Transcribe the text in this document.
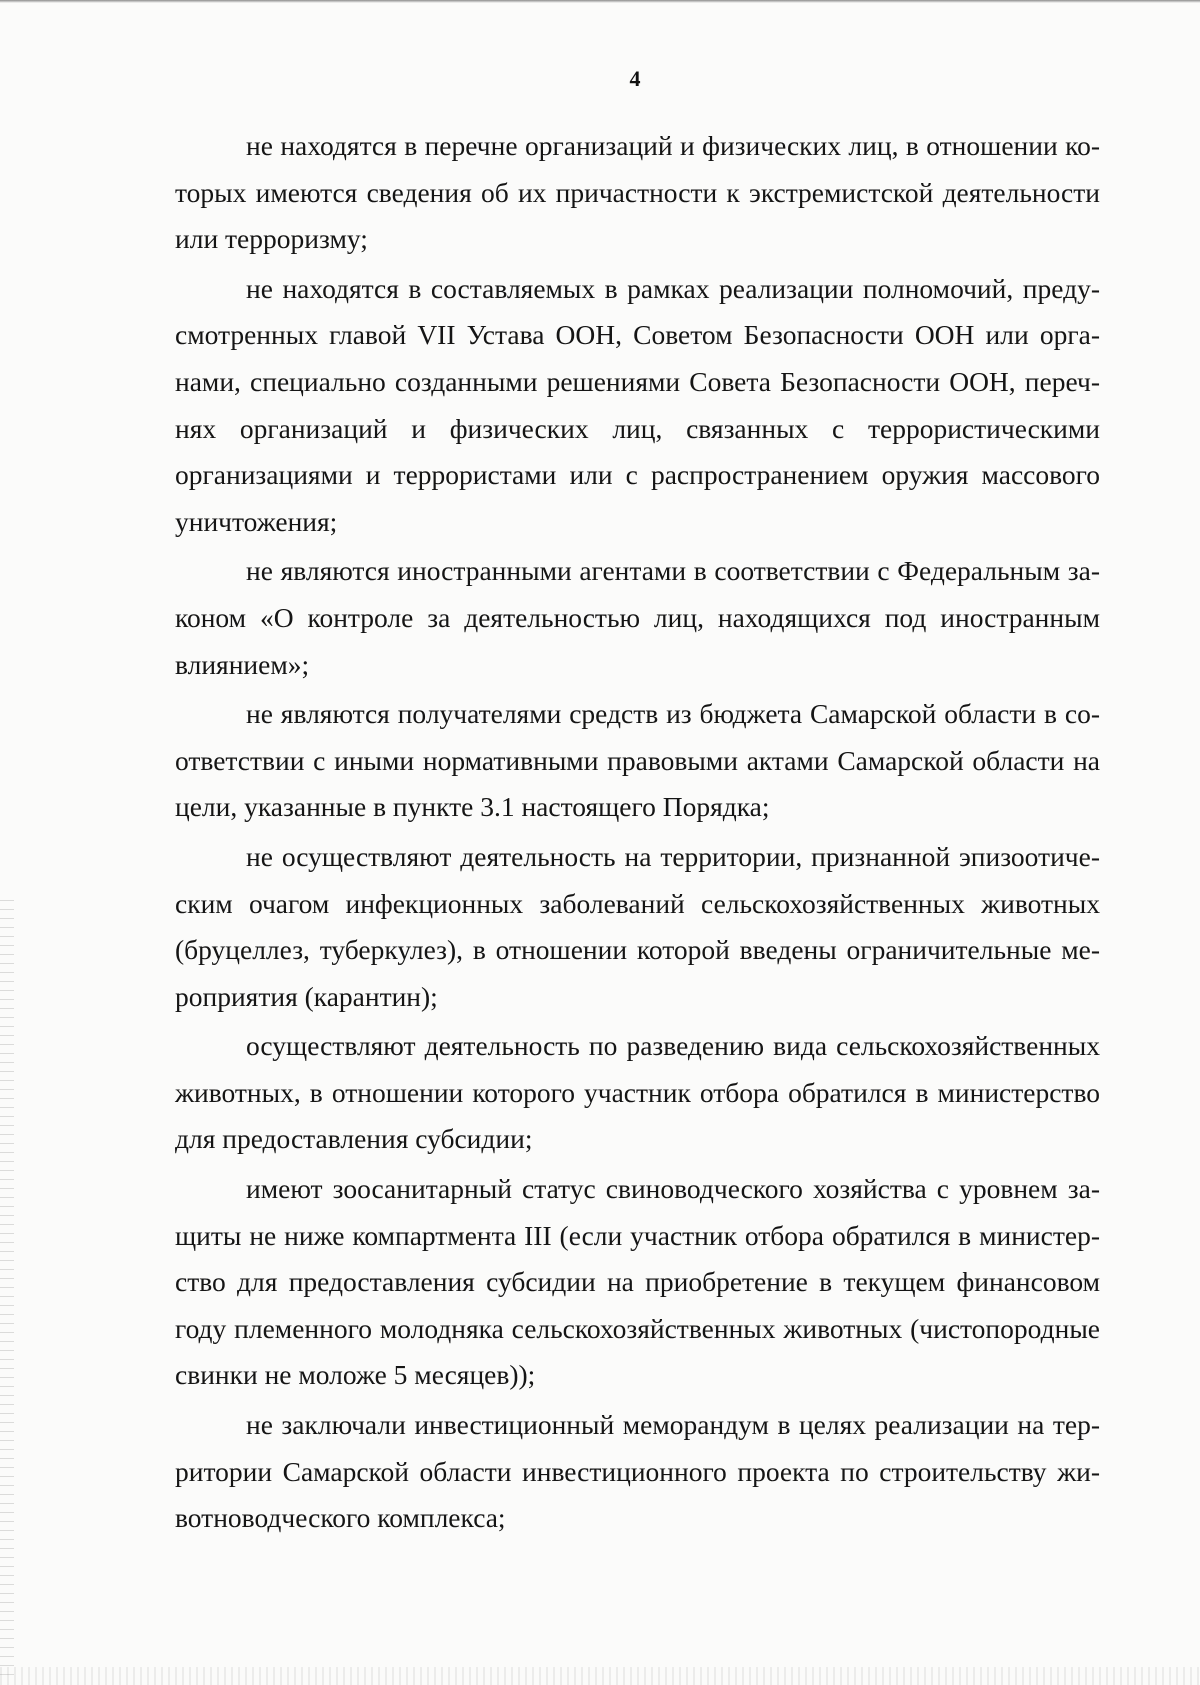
4

не находятся в перечне организаций и физических лиц, в отношении которых имеются сведения об их причастности к экстремистской деятельности или терроризму;

не находятся в составляемых в рамках реализации полномочий, предусмотренных главой VII Устава ООН, Советом Безопасности ООН или органами, специально созданными решениями Совета Безопасности ООН, перечнях организаций и физических лиц, связанных с террористическими организациями и террористами или с распространением оружия массового уничтожения;

не являются иностранными агентами в соответствии с Федеральным законом «О контроле за деятельностью лиц, находящихся под иностранным влиянием»;

не являются получателями средств из бюджета Самарской области в соответствии с иными нормативными правовыми актами Самарской области на цели, указанные в пункте 3.1 настоящего Порядка;

не осуществляют деятельность на территории, признанной эпизоотическим очагом инфекционных заболеваний сельскохозяйственных животных (бруцеллез, туберкулез), в отношении которой введены ограничительные мероприятия (карантин);

осуществляют деятельность по разведению вида сельскохозяйственных животных, в отношении которого участник отбора обратился в министерство для предоставления субсидии;

имеют зоосанитарный статус свиноводческого хозяйства с уровнем защиты не ниже компартмента III (если участник отбора обратился в министерство для предоставления субсидии на приобретение в текущем финансовом году племенного молодняка сельскохозяйственных животных (чистопородные свинки не моложе 5 месяцев));

не заключали инвестиционный меморандум в целях реализации на территории Самарской области инвестиционного проекта по строительству животноводческого комплекса;
